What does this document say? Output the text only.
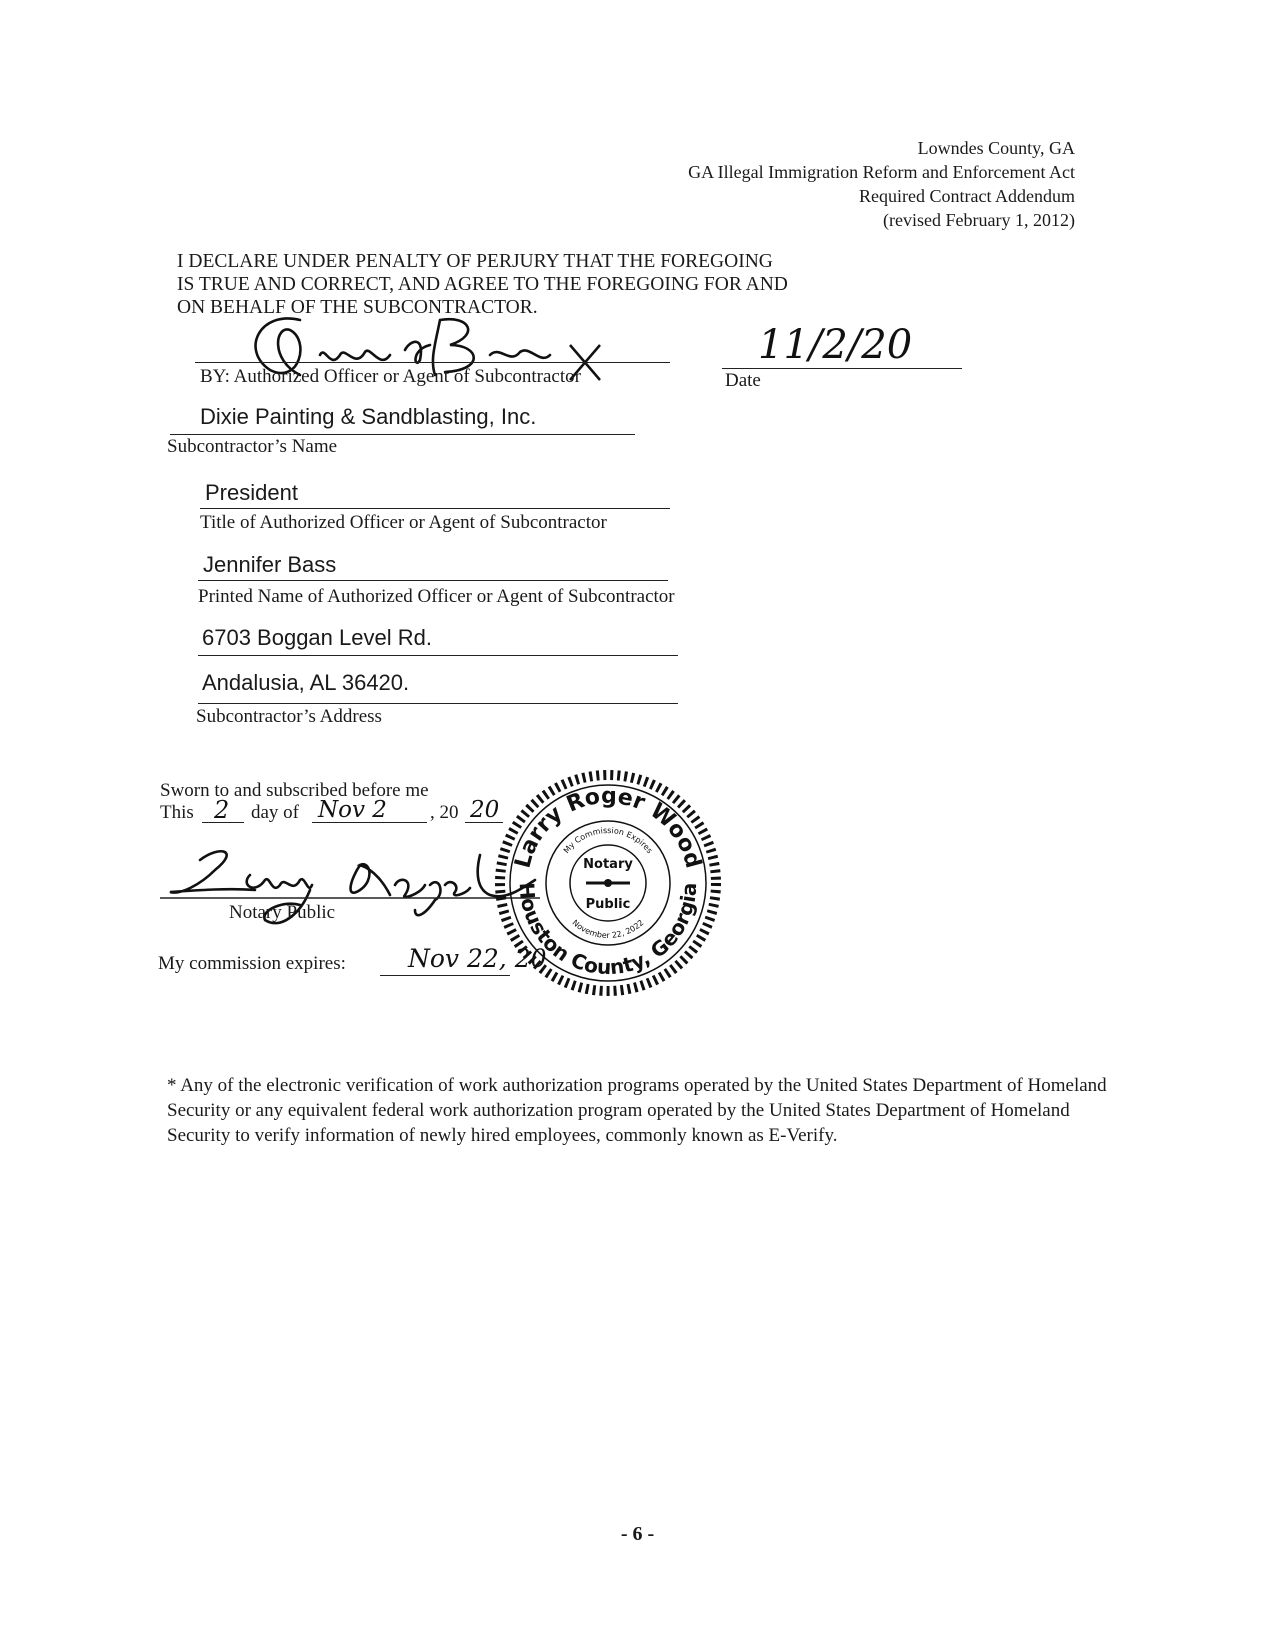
Lowndes County, GA
GA Illegal Immigration Reform and Enforcement Act
Required Contract Addendum
(revised February 1, 2012)
I DECLARE UNDER PENALTY OF PERJURY THAT THE FOREGOING
IS TRUE AND CORRECT, AND AGREE TO THE FOREGOING FOR AND
ON BEHALF OF THE SUBCONTRACTOR.
BY: Authorized Officer or Agent of Subcontractor
11/2/20
Date
Dixie Painting & Sandblasting, Inc.
Subcontractor’s Name
President
Title of Authorized Officer or Agent of Subcontractor
Jennifer Bass
Printed Name of Authorized Officer or Agent of Subcontractor
6703 Boggan Level Rd.
Andalusia, AL 36420.
Subcontractor’s Address
Sworn to and subscribed before me
This 2 day of Nov 2 , 20 20
Notary Public
My commission expires: Nov 22, 20
Larry Roger Wood
Houston County, Georgia
My Commission Expires
November 22, 2022
Notary
Public
* Any of the electronic verification of work authorization programs operated by the United States Department of Homeland Security or any equivalent federal work authorization program operated by the United States Department of Homeland Security to verify information of newly hired employees, commonly known as E-Verify.
- 6 -
